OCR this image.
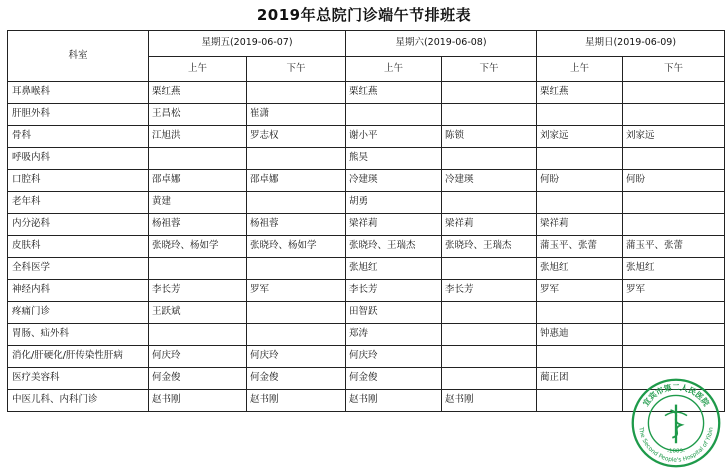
2019年总院门诊端午节排班表
科室	星期五(2019-06-07)		星期六(2019-06-08)		星期日(2019-06-09)	
	上午	下午	上午	下午	上午	下午
耳鼻喉科	栗红燕		栗红燕		栗红燕	
肝胆外科	王昌松	崔潇				
骨科	江旭洪	罗志权	谢小平	陈锁	刘家远	刘家远
呼吸内科			熊昊			
口腔科	邵卓娜	邵卓娜	冷建瑛	冷建瑛	何盼	何盼
老年科	黄建		胡勇			
内分泌科	杨祖蓉	杨祖蓉	梁祥莉	梁祥莉	梁祥莉	
皮肤科	张晓玲、杨如学	张晓玲、杨如学	张晓玲、王瑞杰	张晓玲、王瑞杰	蒲玉平、张蕾	蒲玉平、张蕾
全科医学			张旭红		张旭红	张旭红
神经内科	李长芳	罗军	李长芳	李长芳	罗军	罗军
疼痛门诊	王跃斌		田智跃			
胃肠、疝外科			郑涛		钟惠迪	
消化/肝硬化/肝传染性肝病	何庆玲	何庆玲	何庆玲			
医疗美容科	何金俊	何金俊	何金俊		蔺正团	
中医儿科、内科门诊	赵书刚	赵书刚	赵书刚	赵书刚			宜宾市第二人民医院
The Second People's Hospital of Yibin
-1889-
